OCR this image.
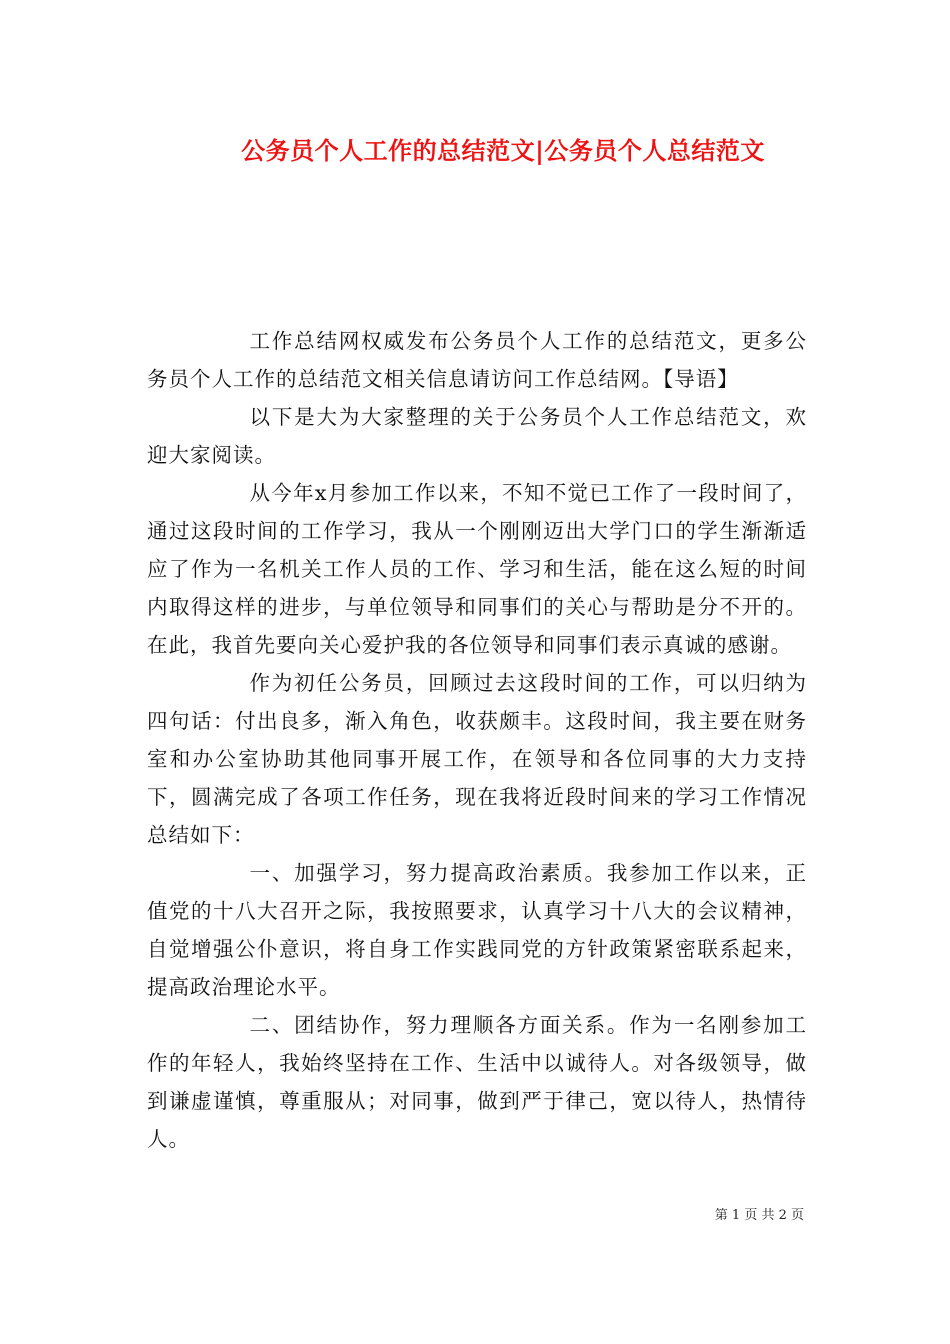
公务员个人工作的总结范文|公务员个人总结范文

工作总结网权威发布公务员个人工作的总结范文，更多公务员个人工作的总结范文相关信息请访问工作总结网。【导语】

以下是大为大家整理的关于公务员个人工作总结范文，欢迎大家阅读。

从今年x月参加工作以来，不知不觉已工作了一段时间了，通过这段时间的工作学习，我从一个刚刚迈出大学门口的学生渐渐适应了作为一名机关工作人员的工作、学习和生活，能在这么短的时间内取得这样的进步，与单位领导和同事们的关心与帮助是分不开的。在此，我首先要向关心爱护我的各位领导和同事们表示真诚的感谢。

作为初任公务员，回顾过去这段时间的工作，可以归纳为四句话：付出良多，渐入角色，收获颇丰。这段时间，我主要在财务室和办公室协助其他同事开展工作，在领导和各位同事的大力支持下，圆满完成了各项工作任务，现在我将近段时间来的学习工作情况总结如下：

一、加强学习，努力提高政治素质。我参加工作以来，正值党的十八大召开之际，我按照要求，认真学习十八大的会议精神，自觉增强公仆意识，将自身工作实践同党的方针政策紧密联系起来，提高政治理论水平。

二、团结协作，努力理顺各方面关系。作为一名刚参加工作的年轻人，我始终坚持在工作、生活中以诚待人。对各级领导，做到谦虚谨慎，尊重服从；对同事，做到严于律己，宽以待人，热情待人。

第 1 页 共 2 页
